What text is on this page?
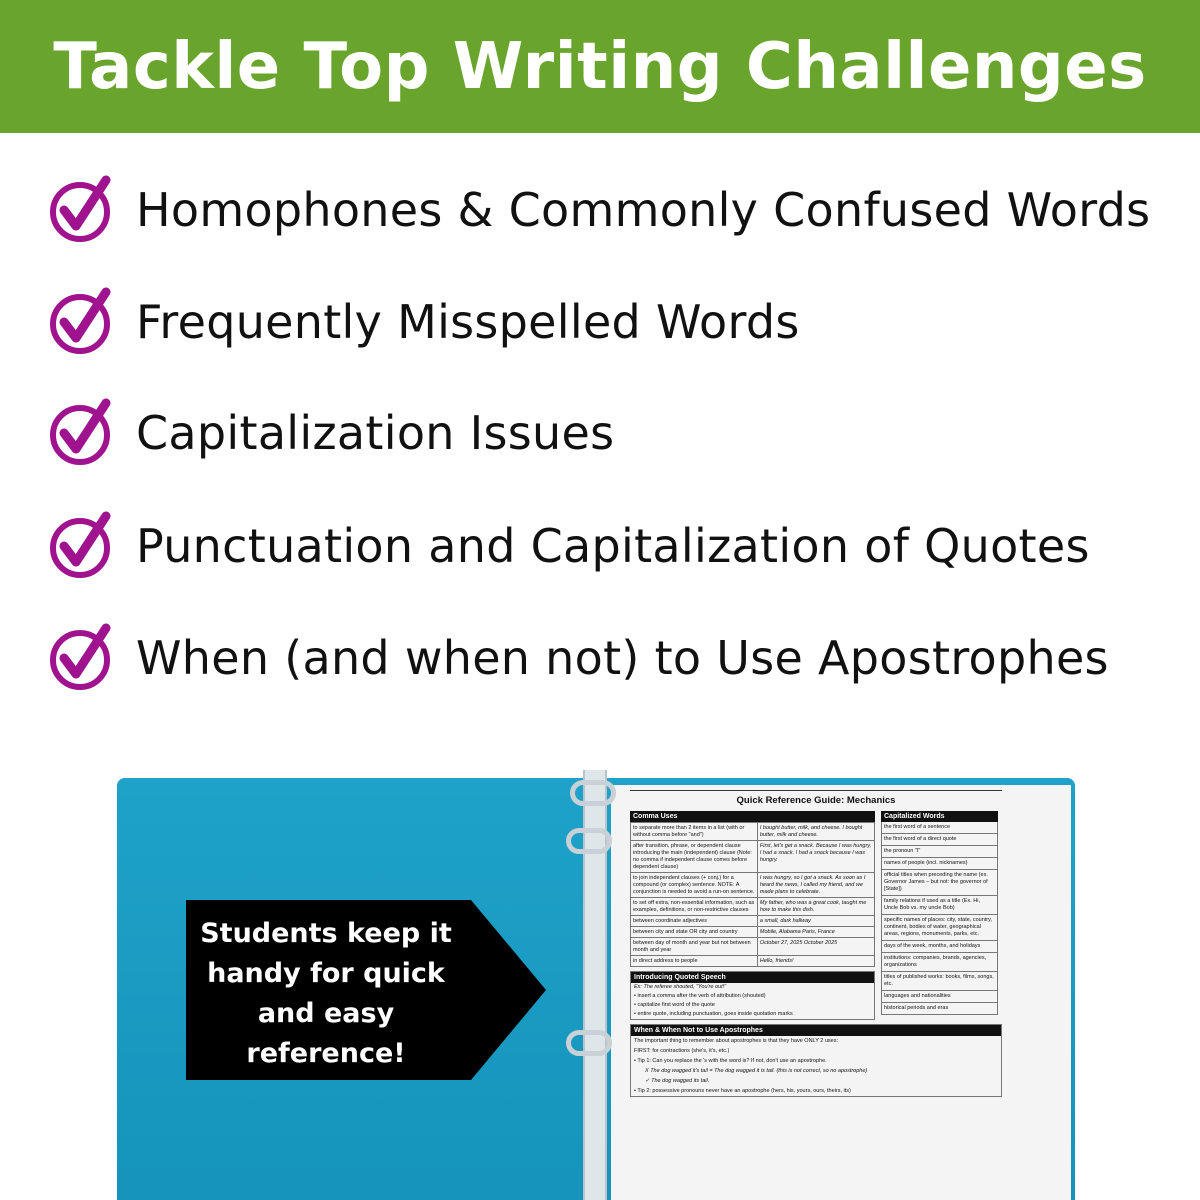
Tackle Top Writing Challenges
Homophones & Commonly Confused Words
Frequently Misspelled Words
Capitalization Issues
Punctuation and Capitalization of Quotes
When (and when not) to Use Apostrophes
Students keep it
handy for quick
and easy
reference!
Quick Reference Guide: Mechanics
Comma Uses
to separate more than 2 items in a list (with or without comma before "and")	I bought butter, milk, and cheese. I bought butter, milk and cheese.
after transition, phrase, or dependent clause introducing the main (independent) clause (Note: no comma if independent clause comes before dependent clause)	First, let's get a snack. Because I was hungry, I had a snack. I had a snack because I was hungry.
to join independent clauses (+ conj.) for a compound (or complex) sentence. NOTE: A conjunction is needed to avoid a run-on sentence.	I was hungry, so I got a snack. As soon as I heard the news, I called my friend, and we made plans to celebrate.
to set off extra, non-essential information, such as examples, definitions, or non-restrictive clauses	My father, who was a great cook, taught me how to make this dish.
between coordinate adjectives	a small, dark hallway
between city and state OR city and country	Mobile, Alabama Paris, France
between day of month and year but not between month and year	October 27, 2025 October 2025
in direct address to people	Hello, friends!
Introducing Quoted Speech

Ex: The referee shouted, "You're out!"

• insert a comma after the verb of attribution (shouted)

• capitalize first word of the quote

• entire quote, including punctuation, goes inside quotation marks

Capitalized Words
the first word of a sentence
the first word of a direct quote
the pronoun "I"
names of people (incl. nicknames)
official titles when preceding the name (ex. Governor James – but not: the governor of [State])
family relations if used as a title (Ex. Hi, Uncle Bob vs. my uncle Bob)
specific names of places: city, state, country, continent, bodies of water, geographical areas, regions, monuments, parks, etc.
days of the week, months, and holidays
institutions: companies, brands, agencies, organizations
titles of published works: books, films, songs, etc.
languages and nationalities
historical periods and eras
When & When Not to Use Apostrophes

The important thing to remember about apostrophes is that they have ONLY 2 uses:

FIRST: for contractions (she's, it's, etc.)

• Tip 1: Can you replace the 's with the word is? If not, don't use an apostrophe.

X The dog wagged it's tail = The dog wagged it is tail. (this is not correct, so no apostrophe)

✓ The dog wagged its tail.

• Tip 2: possessive pronouns never have an apostrophe (hers, his, yours, ours, theirs, its)
